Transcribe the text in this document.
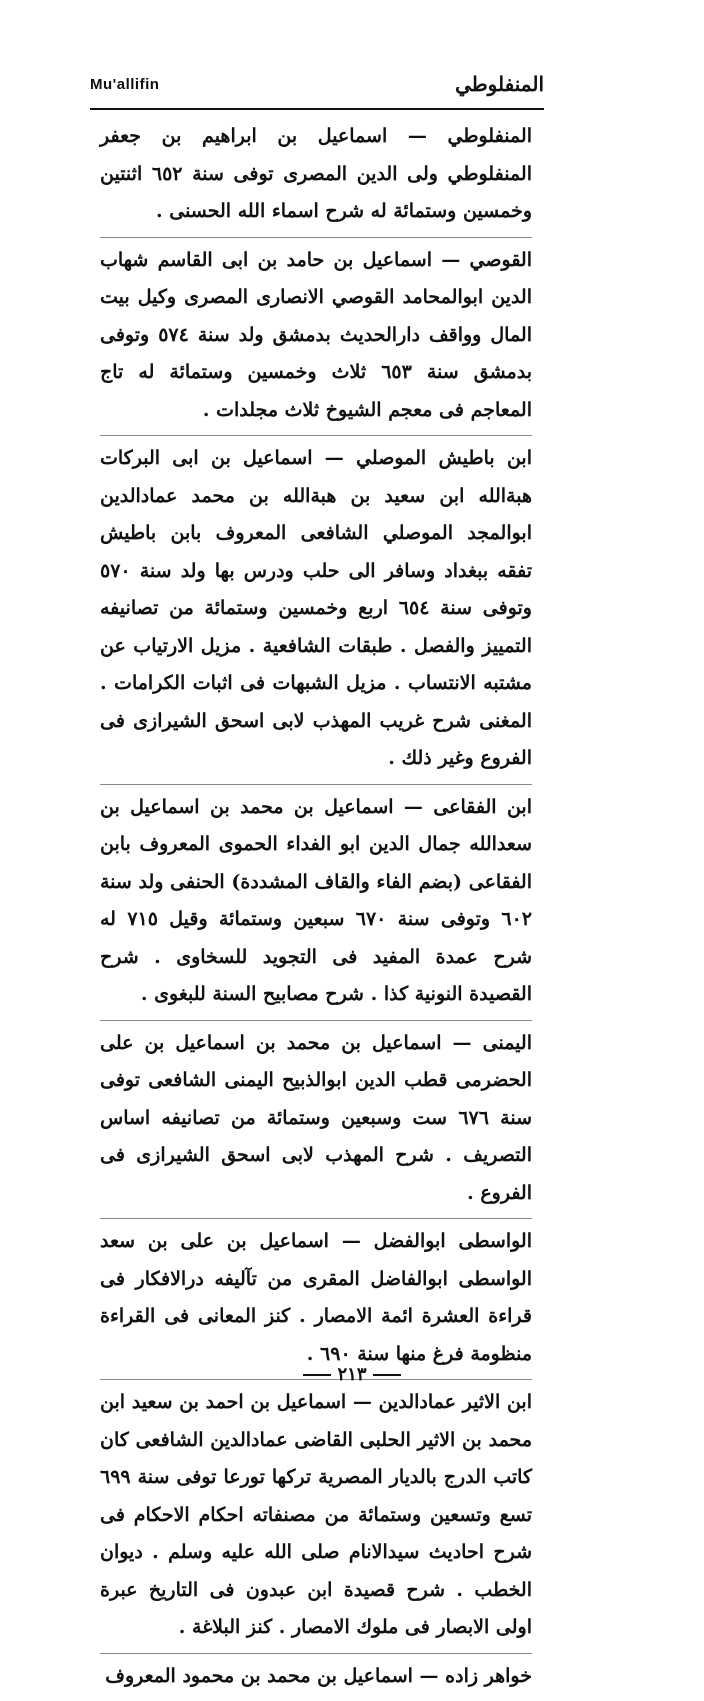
Mu'allifin	المنفلوطي

المنفلوطي — اسماعيل بن ابراهيم بن جعفر المنفلوطي ولى الدين المصرى توفى سنة ٦٥٢ اثنتين وخمسين وستمائة له شرح اسماء الله الحسنى .

القوصي — اسماعيل بن حامد بن ابى القاسم شهاب الدين ابوالمحامد القوصي الانصارى المصرى وكيل بيت المال وواقف دارالحديث بدمشق ولد سنة ٥٧٤ وتوفى بدمشق سنة ٦٥٣ ثلاث وخمسين وستمائة له تاج المعاجم فى معجم الشيوخ ثلاث مجلدات .

ابن باطيش الموصلي — اسماعيل بن ابى البركات هبةالله ابن سعيد بن هبةالله بن محمد عمادالدين ابوالمجد الموصلي الشافعى المعروف بابن باطيش تفقه ببغداد وسافر الى حلب ودرس بها ولد سنة ٥٧٠ وتوفى سنة ٦٥٤ اربع وخمسين وستمائة من تصانيفه التمييز والفصل . طبقات الشافعية . مزيل الارتياب عن مشتبه الانتساب . مزيل الشبهات فى اثبات الكرامات . المغنى شرح غريب المهذب لابى اسحق الشيرازى فى الفروع وغير ذلك .

ابن الفقاعى — اسماعيل بن محمد بن اسماعيل بن سعدالله جمال الدين ابو الفداء الحموى المعروف بابن الفقاعى (بضم الفاء والقاف المشددة) الحنفى ولد سنة ٦٠٢ وتوفى سنة ٦٧٠ سبعين وستمائة وقيل ٧١٥ له شرح عمدة المفيد فى التجويد للسخاوى . شرح القصيدة النونية كذا . شرح مصابيح السنة للبغوى .

اليمنى — اسماعيل بن محمد بن اسماعيل بن على الحضرمى قطب الدين ابوالذبيح اليمنى الشافعى توفى سنة ٦٧٦ ست وسبعين وستمائة من تصانيفه اساس التصريف . شرح المهذب لابى اسحق الشيرازى فى الفروع .

الواسطى ابوالفضل — اسماعيل بن على بن سعد الواسطى ابوالفاضل المقرى من تآليفه درالافكار فى قراءة العشرة ائمة الامصار . كنز المعانى فى القراءة منظومة فرغ منها سنة ٦٩٠ .

ابن الاثير عمادالدين — اسماعيل بن احمد بن سعيد ابن محمد بن الاثير الحلبى القاضى عمادالدين الشافعى كان كاتب الدرج بالديار المصرية تركها تورعا توفى سنة ٦٩٩ تسع وتسعين وستمائة من مصنفاته احكام الاحكام فى شرح احاديث سيدالانام صلى الله عليه وسلم . ديوان الخطب . شرح قصيدة ابن عبدون فى التاريخ عبرة اولى الابصار فى ملوك الامصار . كنز البلاغة .

خواهر زاده — اسماعيل بن محمد بن محمود المعروف

٢١٣
